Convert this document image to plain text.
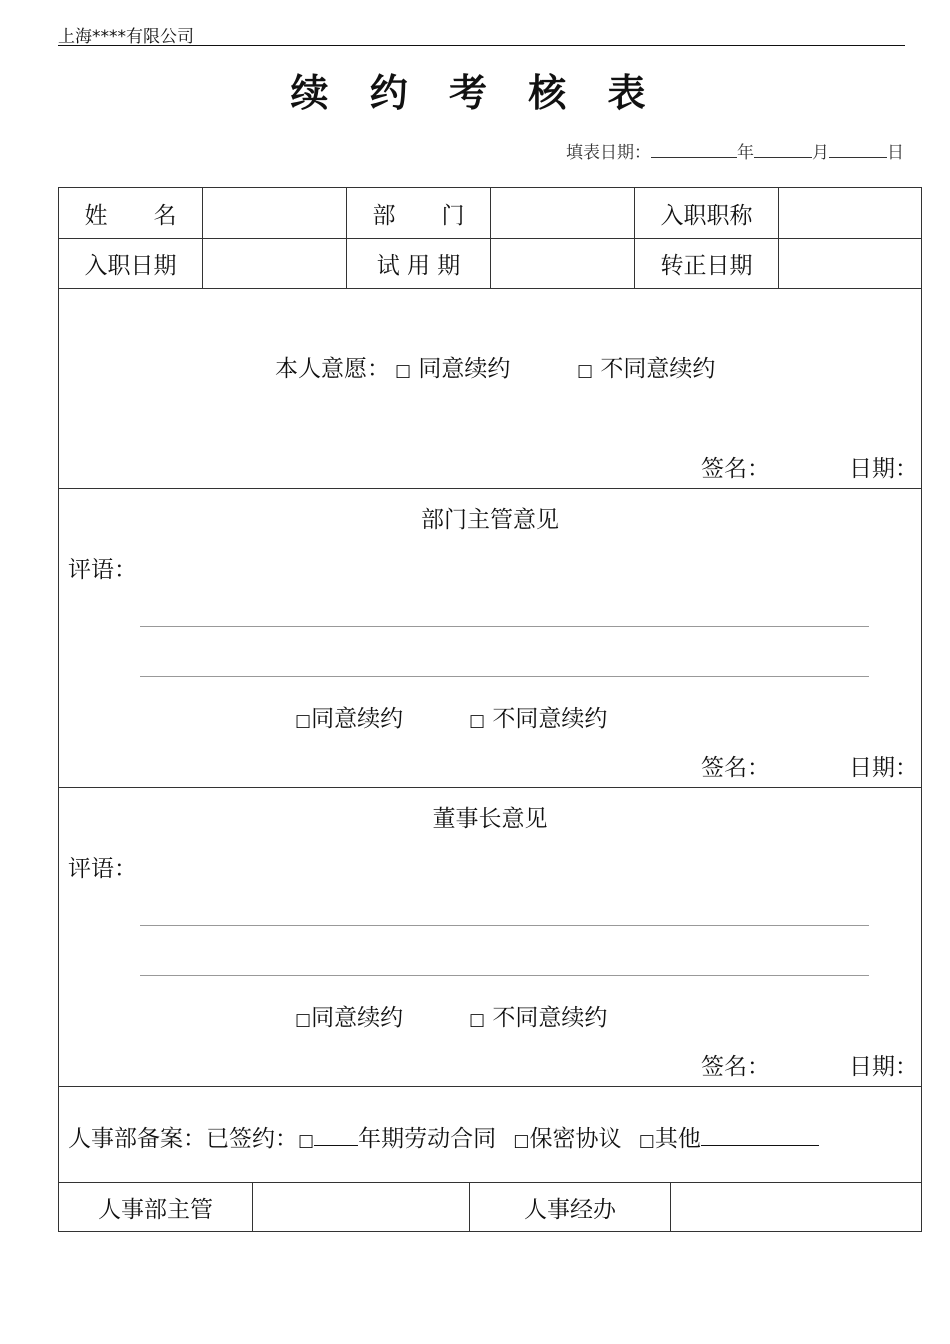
上海****有限公司
续 约 考 核 表
填表日期：	年	月	日
姓　　名	部　　门	入职职称
入职日期	试 用 期	转正日期
本人意愿： □ 同意续约	□ 不同意续约
签名：	日期：
部门主管意见
评语：
□同意续约	□ 不同意续约
签名：	日期：
董事长意见
评语：
□同意续约	□ 不同意续约
签名：	日期：
人事部备案：已签约：□ 年期劳动合同 □保密协议 □其他
人事部主管	人事经办
